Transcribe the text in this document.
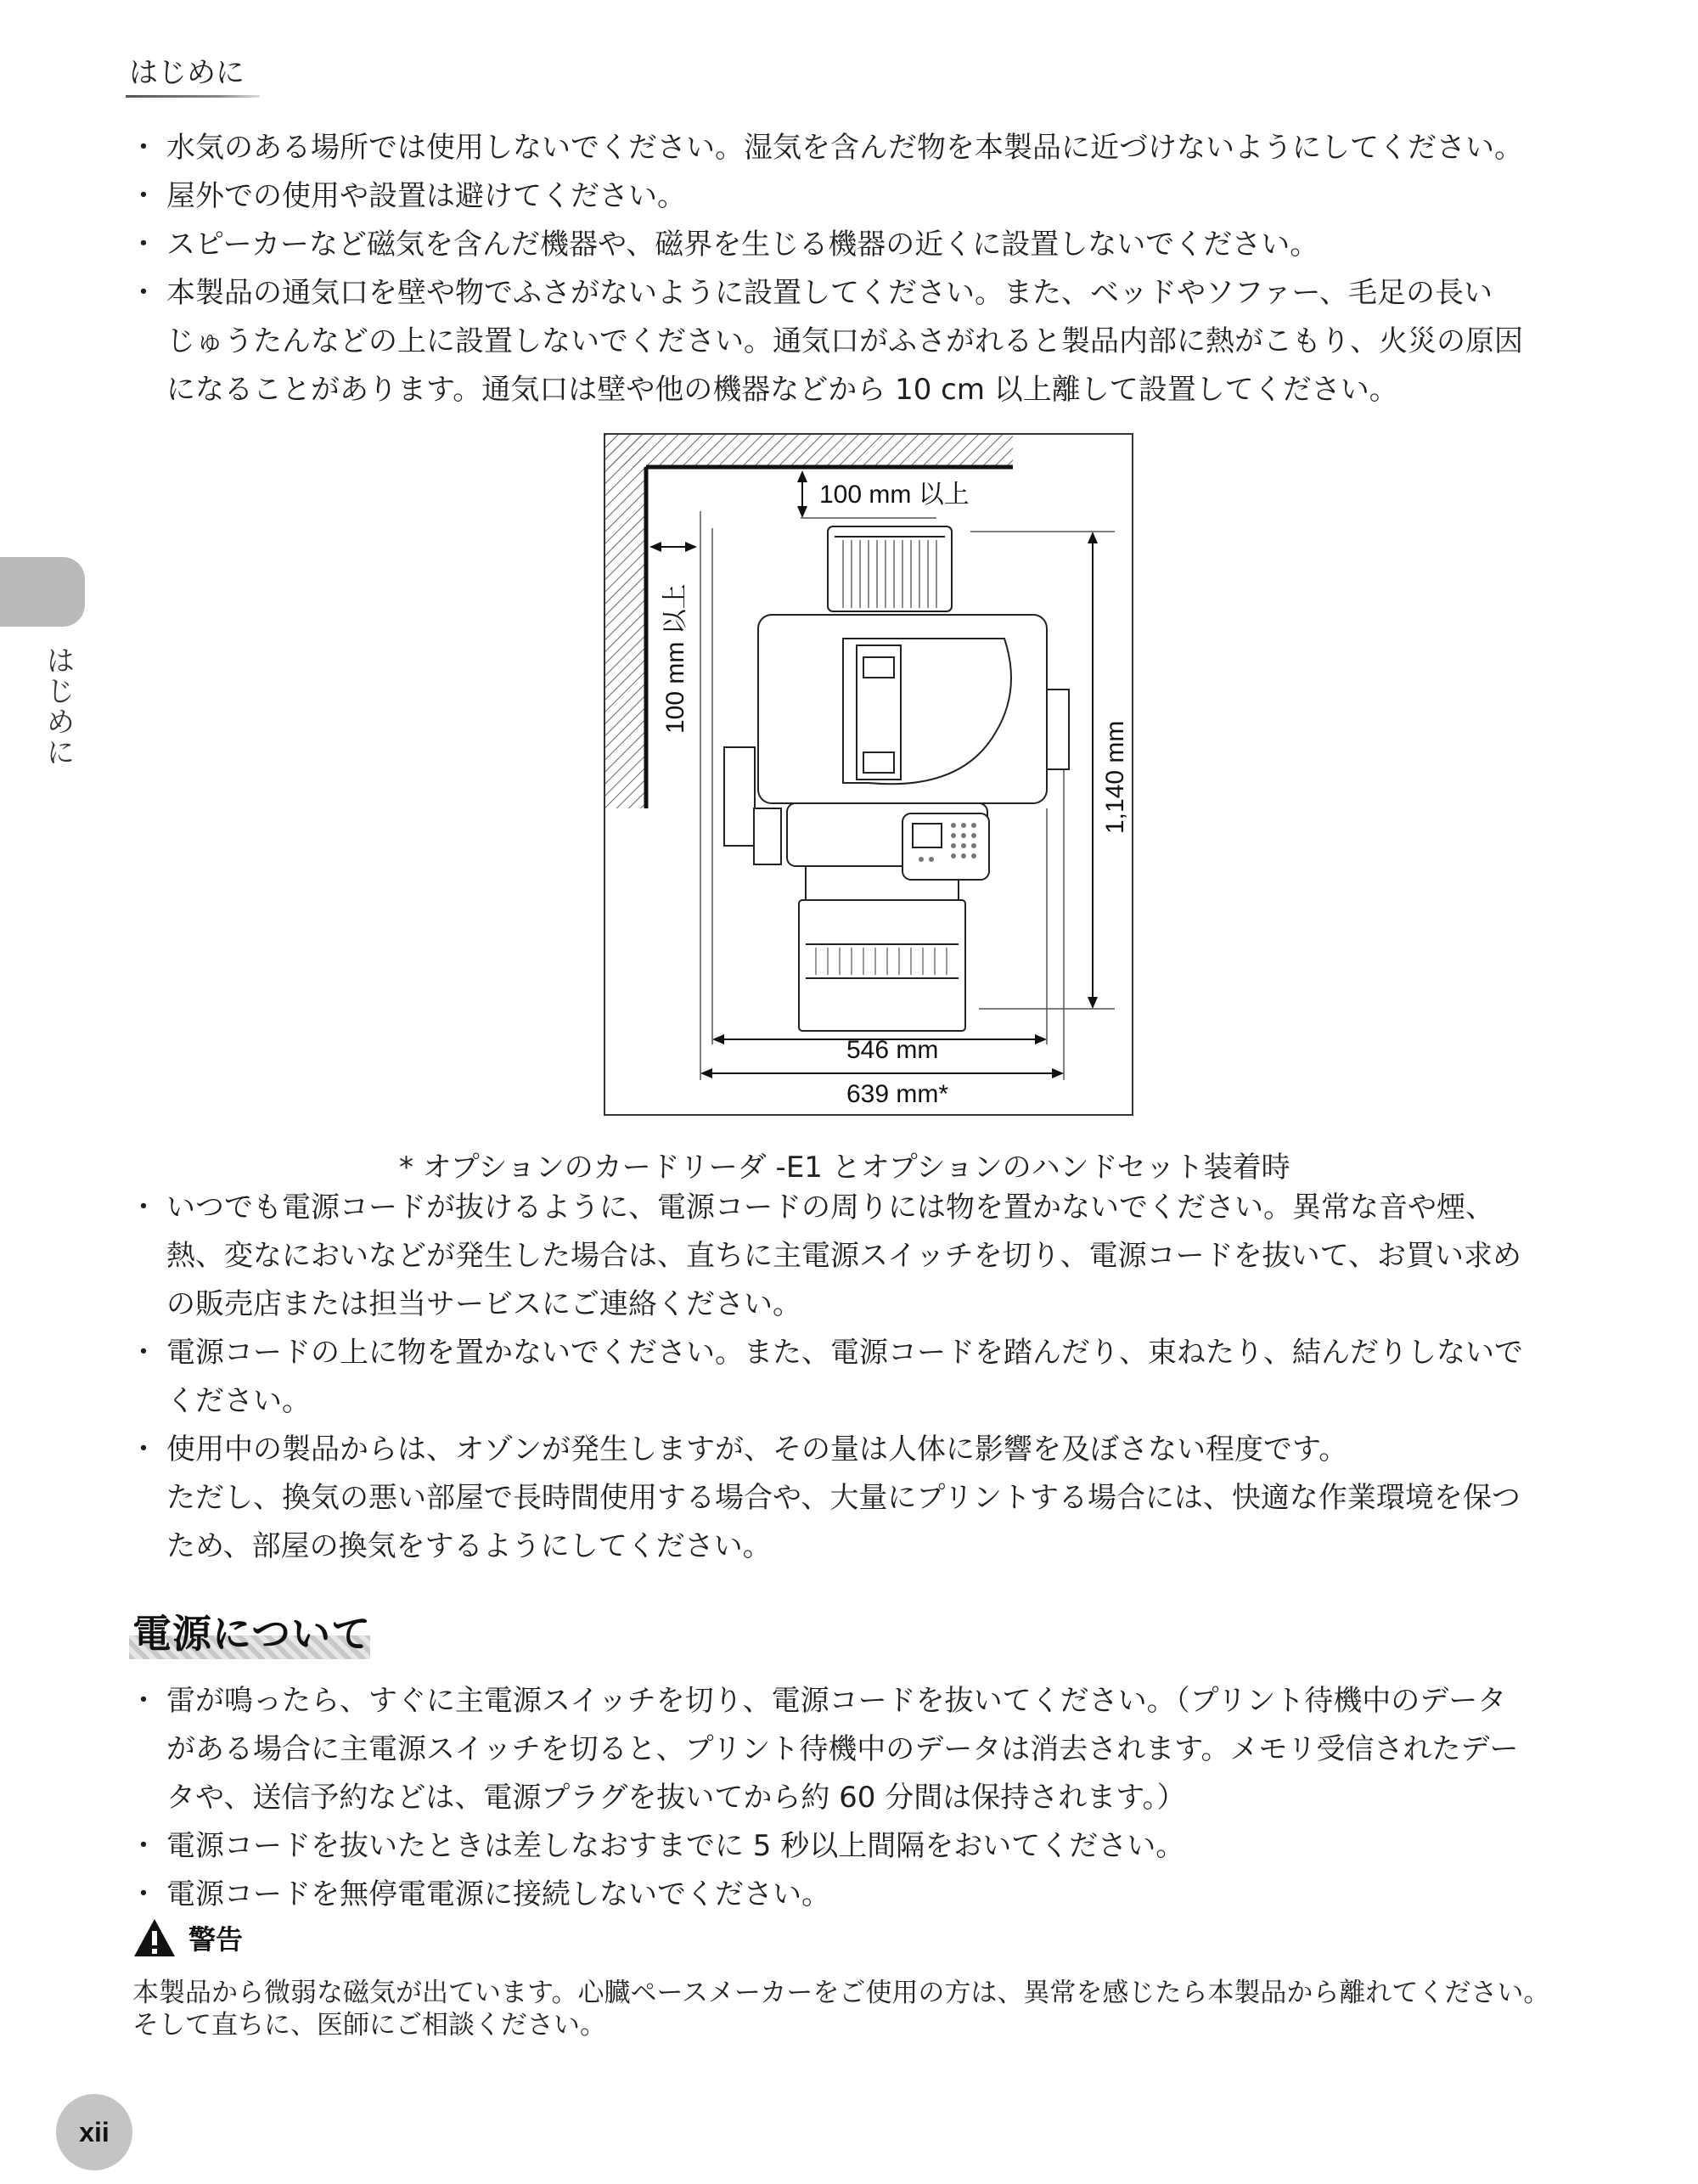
はじめに
はじめに
・ 水気のある場所では使用しないでください。湿気を含んだ物を本製品に近づけないようにしてください。
・ 屋外での使用や設置は避けてください。
・ スピーカーなど磁気を含んだ機器や、磁界を生じる機器の近くに設置しないでください。
・ 本製品の通気口を壁や物でふさがないように設置してください。また、ベッドやソファー、毛足の長い
じゅうたんなどの上に設置しないでください。通気口がふさがれると製品内部に熱がこもり、火災の原因
になることがあります。通気口は壁や他の機器などから 10 cm 以上離して設置してください。
100 mm 以上
100 mm 以上
1,140 mm
546 mm
639 mm*
* オプションのカードリーダ -E1 とオプションのハンドセット装着時
・ いつでも電源コードが抜けるように、電源コードの周りには物を置かないでください。異常な音や煙、
熱、変なにおいなどが発生した場合は、直ちに主電源スイッチを切り、電源コードを抜いて、お買い求め
の販売店または担当サービスにご連絡ください。
・ 電源コードの上に物を置かないでください。また、電源コードを踏んだり、束ねたり、結んだりしないで
ください。
・ 使用中の製品からは、オゾンが発生しますが、その量は人体に影響を及ぼさない程度です。
ただし、換気の悪い部屋で長時間使用する場合や、大量にプリントする場合には、快適な作業環境を保つ
ため、部屋の換気をするようにしてください。
電源について
・ 雷が鳴ったら、すぐに主電源スイッチを切り、電源コードを抜いてください。（プリント待機中のデータ
がある場合に主電源スイッチを切ると、プリント待機中のデータは消去されます。メモリ受信されたデー
タや、送信予約などは、電源プラグを抜いてから約 60 分間は保持されます。）
・ 電源コードを抜いたときは差しなおすまでに 5 秒以上間隔をおいてください。
・ 電源コードを無停電電源に接続しないでください。
警告
本製品から微弱な磁気が出ています。心臓ペースメーカーをご使用の方は、異常を感じたら本製品から離れてください。
そして直ちに、医師にご相談ください。
xii
